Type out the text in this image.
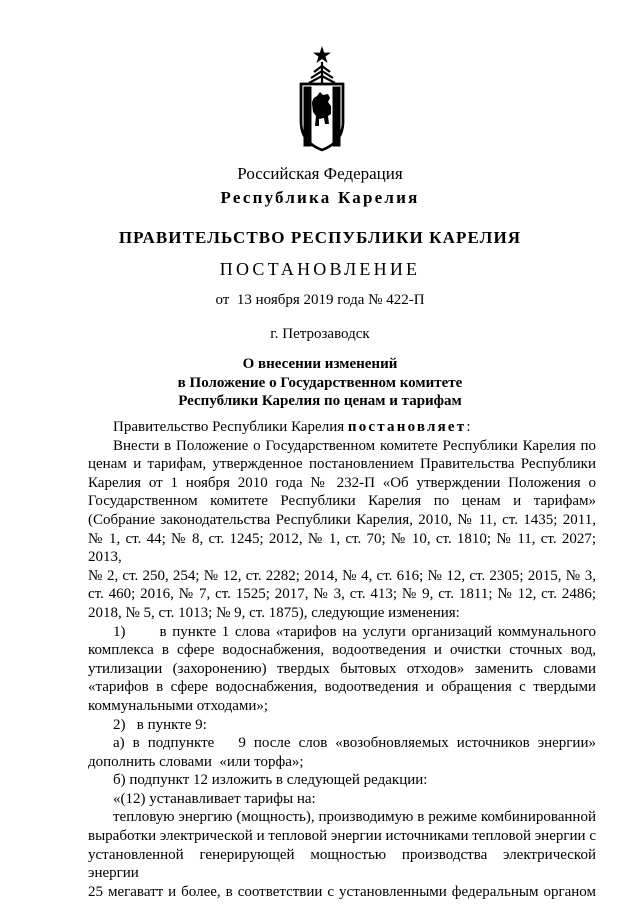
Российская Федерация
Республика Карелия
ПРАВИТЕЛЬСТВО РЕСПУБЛИКИ КАРЕЛИЯ
ПОСТАНОВЛЕНИЕ
от  13 ноября 2019 года № 422-П
г. Петрозаводск
О внесении изменений
в Положение о Государственном комитете
Республики Карелия по ценам и тарифам
Правительство Республики Карелия постановляет:
Внести в Положение о Государственном комитете Республики Карелия по
ценам и тарифам, утвержденное постановлением Правительства Республики
Карелия от 1 ноября 2010 года № 232-П «Об утверждении Положения о
Государственном комитете Республики Карелия по ценам и тарифам»
(Собрание законодательства Республики Карелия, 2010, № 11, ст. 1435; 2011,
№ 1, ст. 44; № 8, ст. 1245; 2012, № 1, ст. 70; № 10, ст. 1810; № 11, ст. 2027; 2013,
№ 2, ст. 250, 254; № 12, ст. 2282; 2014, № 4, ст. 616; № 12, ст. 2305; 2015, № 3,
ст. 460; 2016, № 7, ст. 1525; 2017, № 3, ст. 413; № 9, ст. 1811; № 12, ст. 2486;
2018, № 5, ст. 1013; № 9, ст. 1875), следующие изменения:
1) в пункте 1 слова «тарифов на услуги организаций коммунального
комплекса в сфере водоснабжения, водоотведения и очистки сточных вод,
утилизации (захоронению) твердых бытовых отходов» заменить словами
«тарифов в сфере водоснабжения, водоотведения и обращения с твердыми
коммунальными отходами»;
2)   в пункте 9:
а) в подпункте   9 после слов «возобновляемых источников энергии»
дополнить словами  «или торфа»;
б) подпункт 12 изложить в следующей редакции:
«(12) устанавливает тарифы на:
тепловую энергию (мощность), производимую в режиме комбинированной
выработки электрической и тепловой энергии источниками тепловой энергии с
установленной генерирующей мощностью производства электрической энергии
25 мегаватт и более, в соответствии с установленными федеральным органом
